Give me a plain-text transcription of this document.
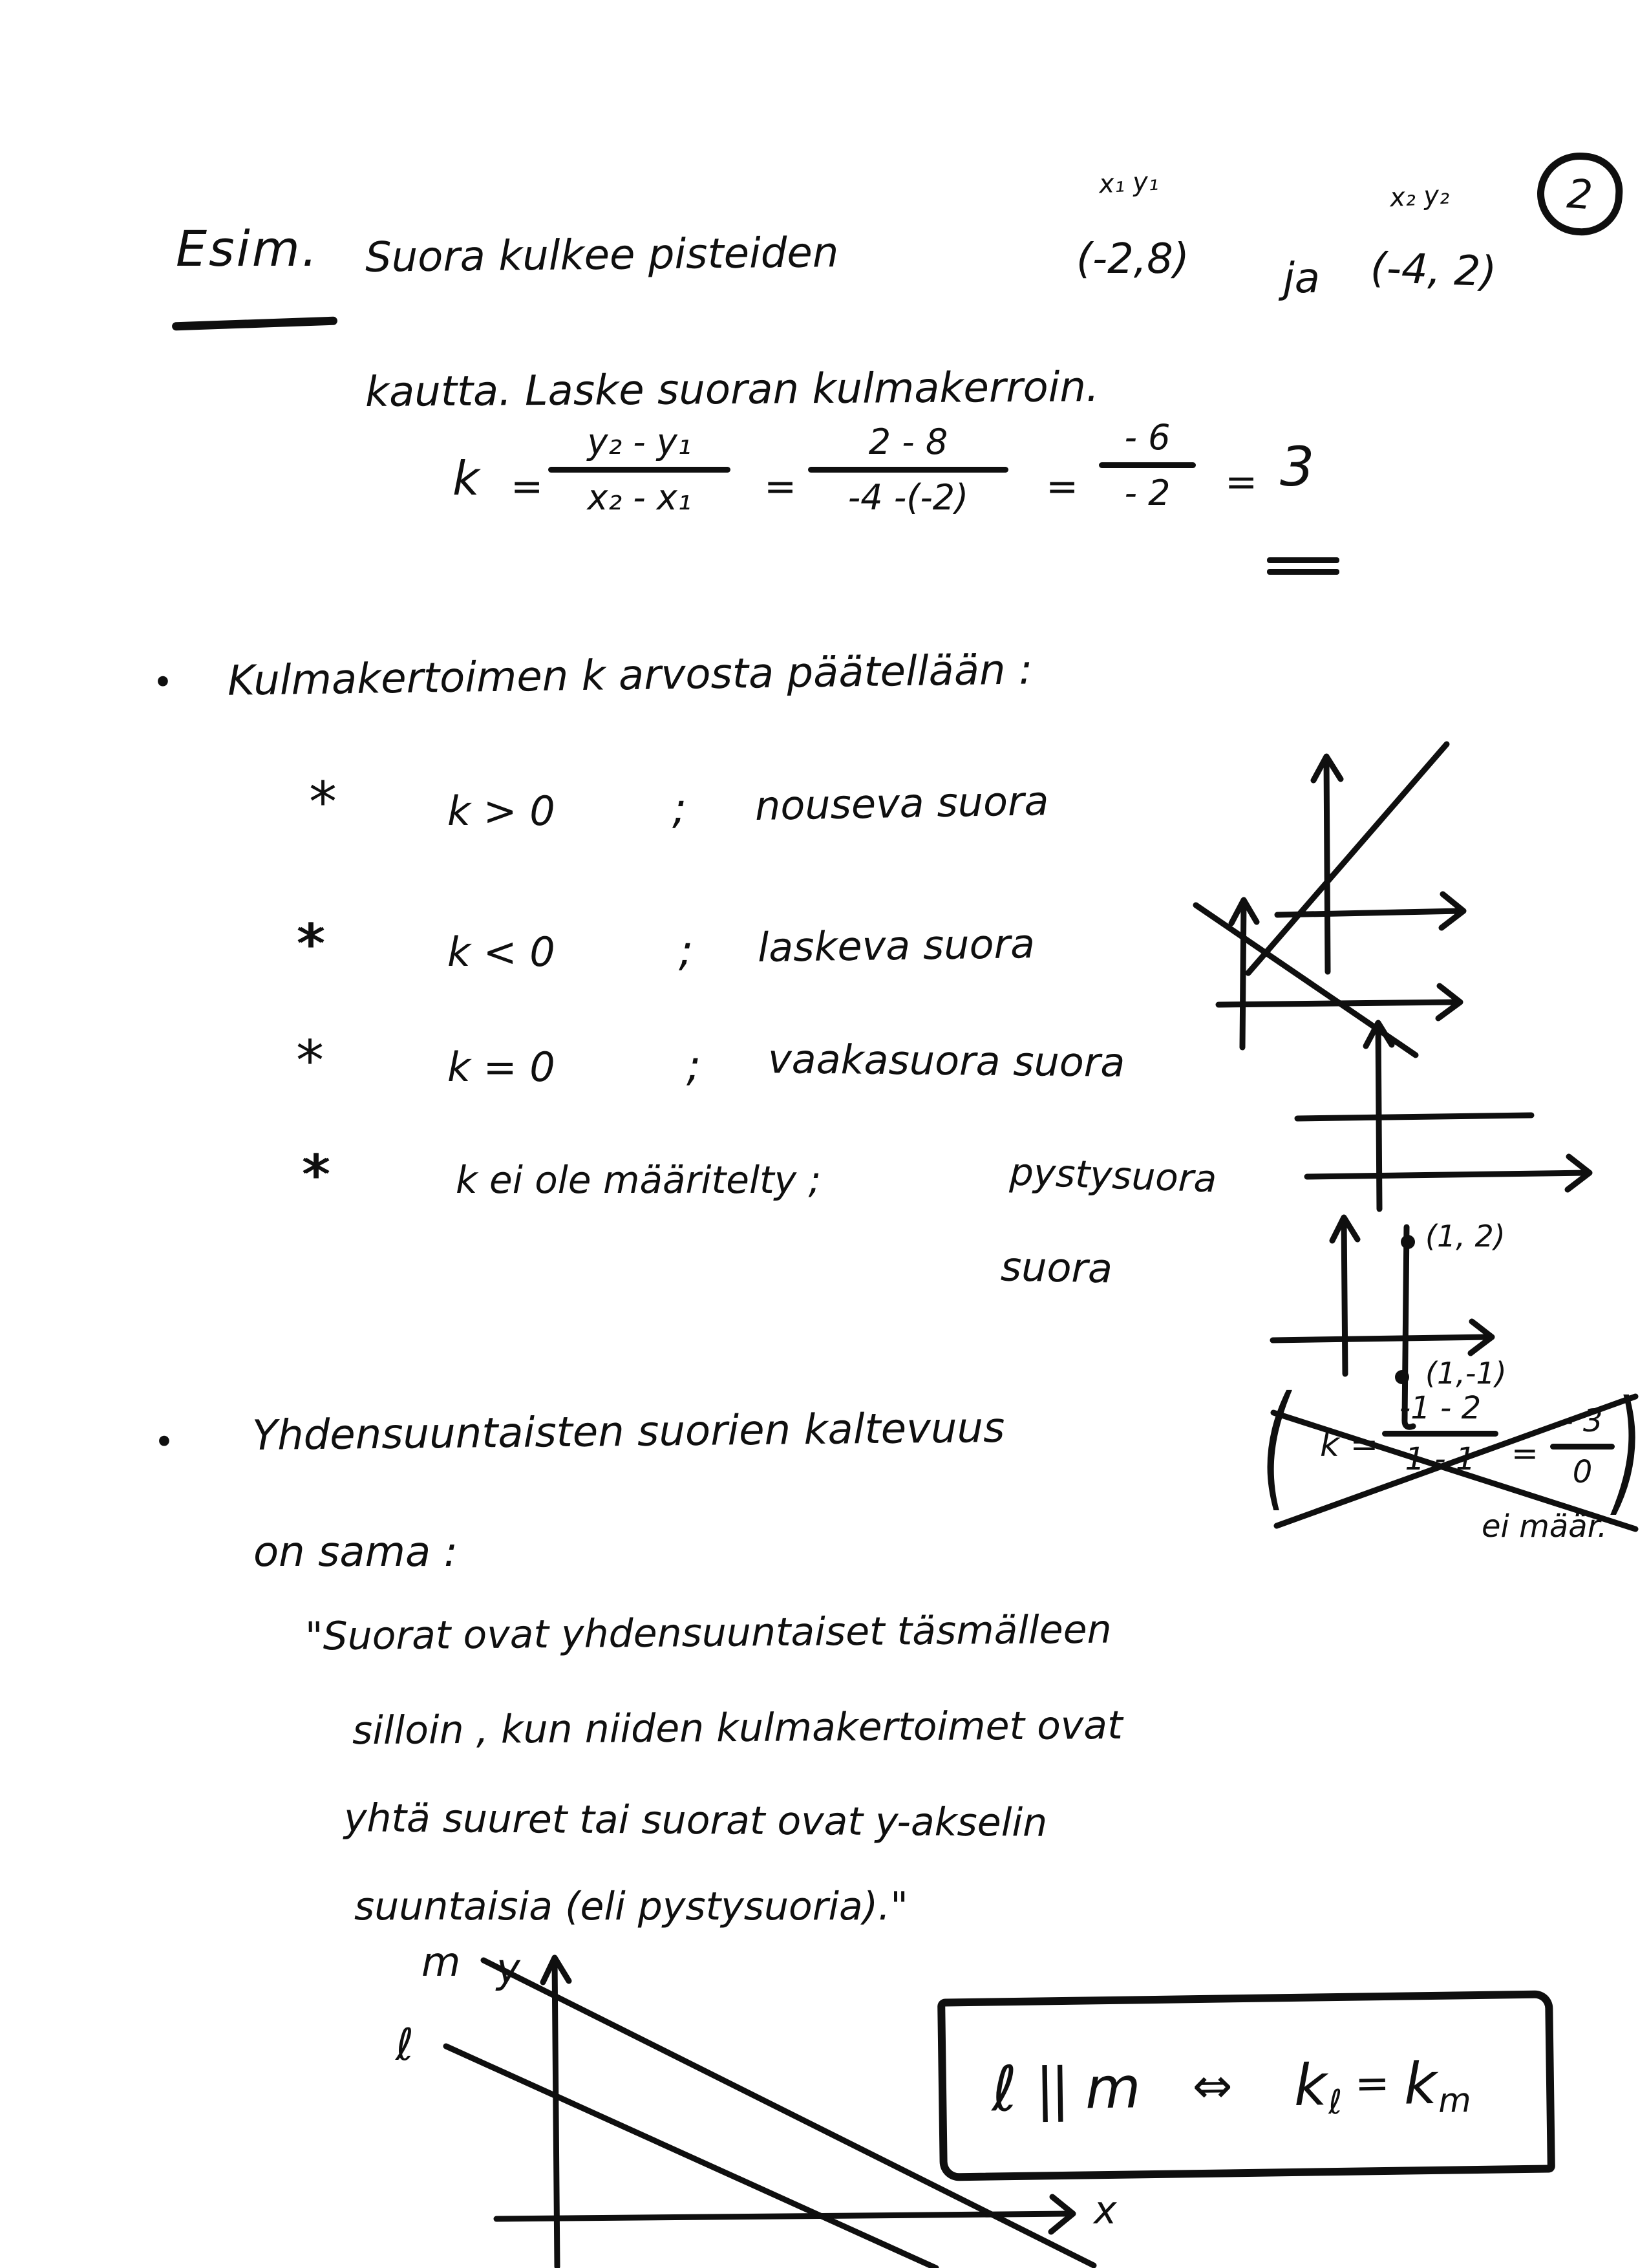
2
Esim.
x₁ y₁	x₂ y₂
Suora kulkee pisteiden	(-2,8) ja (-4, 2)
kautta. Laske suoran kulmakerroin.
k =
y₂ - y₁
x₂ - x₁ =
2 - 8
-4 -(-2) =
- 6
- 2 = 3
• Kulmakertoimen k arvosta päätellään :
*	k > 0	; nouseva suora
*	k < 0	; laskeva suora
*	k = 0	; vaakasuora suora
*	k ei ole määritelty ;	pystysuora
suora
(1, 2)
(1,-1)
( k =
-1 - 2
1 - 1 =
- 3
0 )
ei määr.
• Yhdensuuntaisten suorien kaltevuus
on sama :
"Suorat ovat yhdensuuntaiset täsmälleen
silloin , kun niiden kulmakertoimet ovat
yhtä suuret tai suorat ovat y-akselin
suuntaisia (eli pystysuoria)."
m y
ℓ
x
ℓ || m ⇔ k ℓ = k m
